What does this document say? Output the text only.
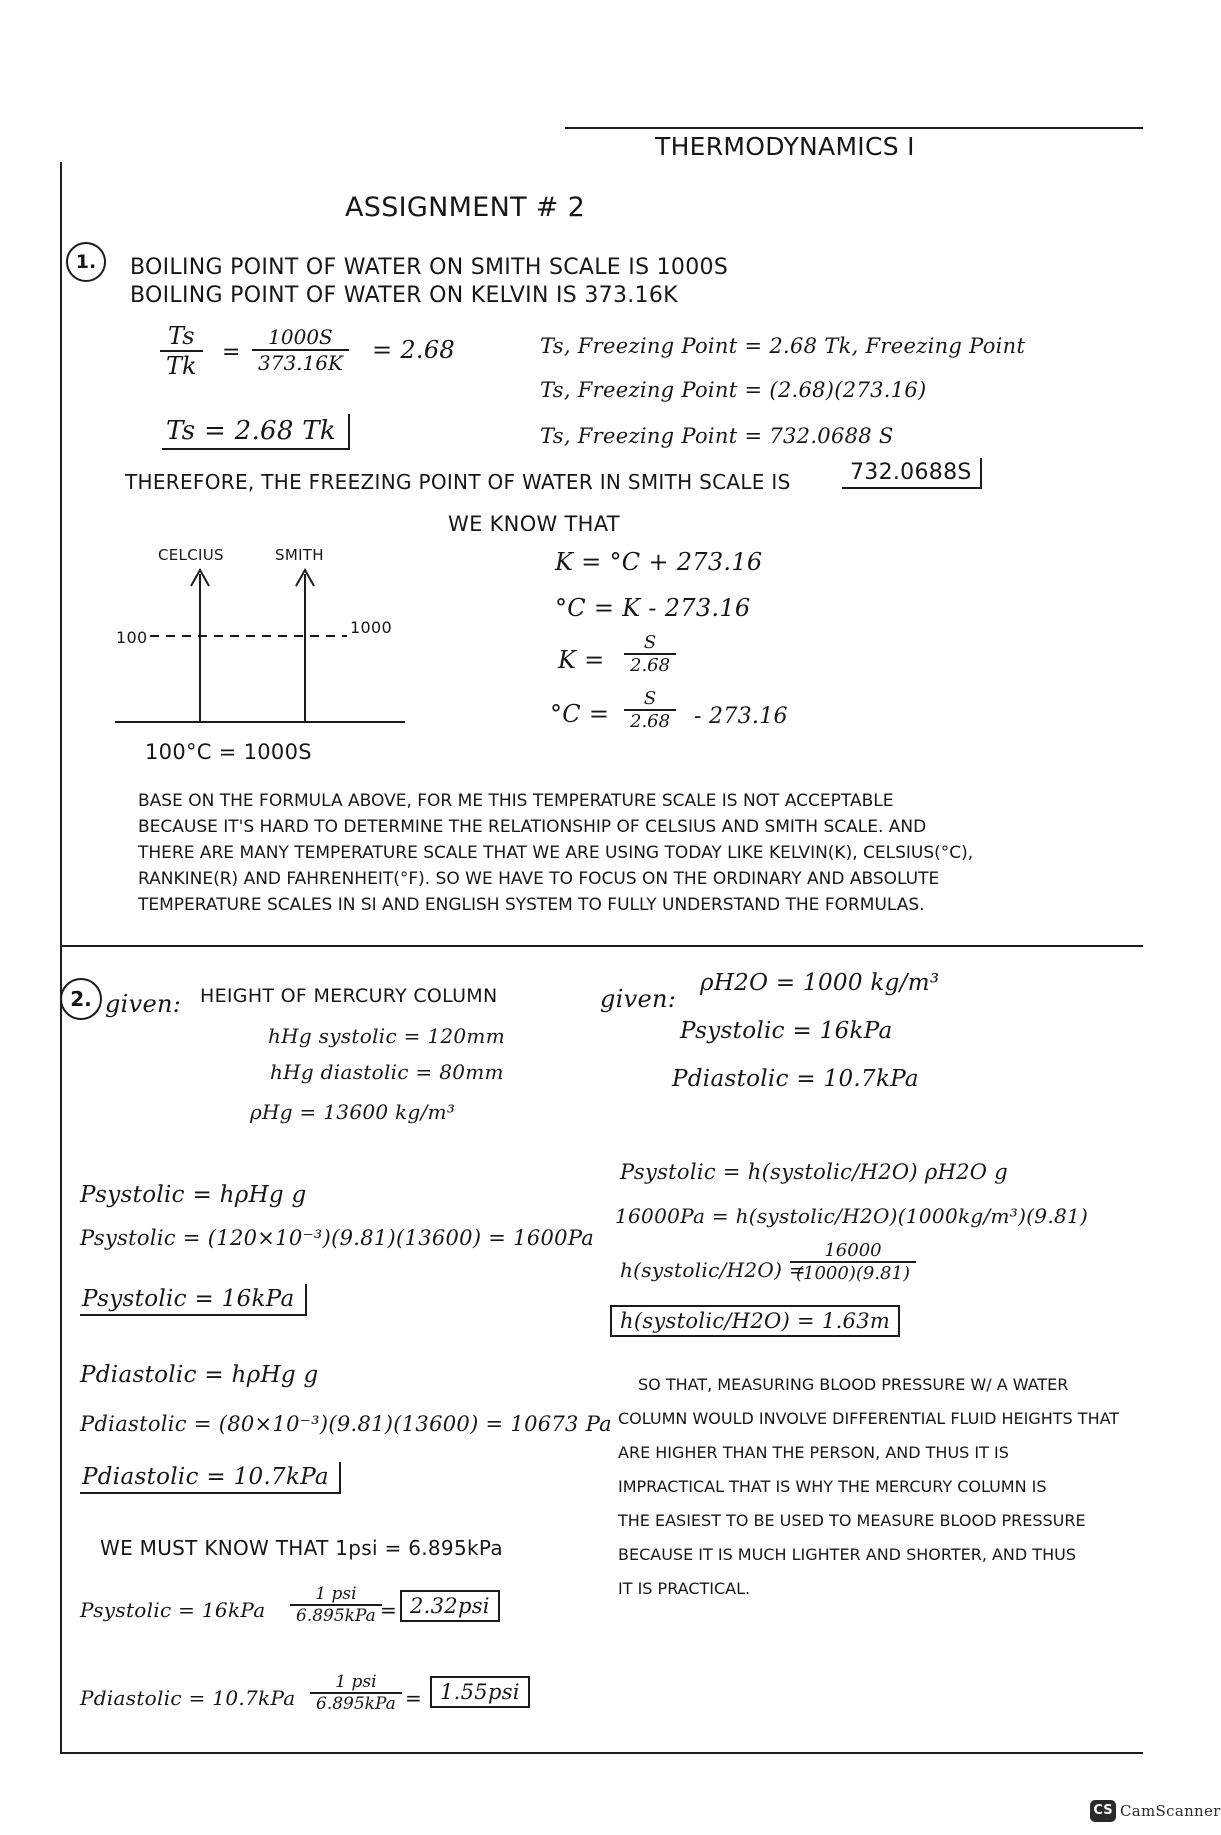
THERMODYNAMICS I
ASSIGNMENT # 2
1.	BOILING POINT OF WATER ON SMITH SCALE IS 1000S
BOILING POINT OF WATER ON KELVIN IS 373.16K
$\frac{Ts}{Tk} = \frac{1000S}{373.16K} = 2.68$
Ts = 2.68 Tk
Ts, Freezing Point = 2.68 Tk, Freezing Point
Ts, Freezing Point = (2.68)(273.16)
Ts, Freezing Point = 732.0688 S
THEREFORE, THE FREEZING POINT OF WATER IN SMITH SCALE IS	732.0688S
WE KNOW THAT
K = °C + 273.16
°C = K - 273.16
$K = \frac{S}{2.68}$
$^\circ C = \frac{S}{2.68} - 273.16$
CELCIUS	SMITH
100
1000
100°C = 1000S
BASE ON THE FORMULA ABOVE, FOR ME THIS TEMPERATURE SCALE IS NOT ACCEPTABLE
BECAUSE IT'S HARD TO DETERMINE THE RELATIONSHIP OF CELSIUS AND SMITH SCALE. AND
THERE ARE MANY TEMPERATURE SCALE THAT WE ARE USING TODAY LIKE KELVIN(K), CELSIUS(°C),
RANKINE(R) AND FAHRENHEIT(°F). SO WE HAVE TO FOCUS ON THE ORDINARY AND ABSOLUTE
TEMPERATURE SCALES IN SI AND ENGLISH SYSTEM TO FULLY UNDERSTAND THE FORMULAS.
2. given: HEIGHT OF MERCURY COLUMN
hHg systolic = 120mm
hHg diastolic = 80mm
ρHg = 13600 kg/m³
given:
ρH2O = 1000 kg/m³
Psystolic = 16kPa
Pdiastolic = 10.7kPa
Psystolic = hρHg g
Psystolic = (120×10⁻³)(9.81)(13600) = 1600Pa
Psystolic = 16kPa
Pdiastolic = hρHg g
Pdiastolic = (80×10⁻³)(9.81)(13600) = 10673 Pa
Pdiastolic = 10.7kPa
WE MUST KNOW THAT 1psi = 6.895kPa
Psystolic = 16kPa
1 psi
6.895kPa = 2.32psi
Pdiastolic = 10.7kPa
1 psi
6.895kPa = 1.55psi
Psystolic = h(systolic/H2O) ρH2O g
16000Pa = h(systolic/H2O)(1000kg/m³)(9.81)
h(systolic/H2O) =
$\frac{16000}{(1000)(9.81)}$
h(systolic/H2O) = 1.63m
SO THAT, MEASURING BLOOD PRESSURE W/ A WATER
COLUMN WOULD INVOLVE DIFFERENTIAL FLUID HEIGHTS THAT
ARE HIGHER THAN THE PERSON, AND THUS IT IS
IMPRACTICAL THAT IS WHY THE MERCURY COLUMN IS
THE EASIEST TO BE USED TO MEASURE BLOOD PRESSURE
BECAUSE IT IS MUCH LIGHTER AND SHORTER, AND THUS
IT IS PRACTICAL.
CS CamScanner
